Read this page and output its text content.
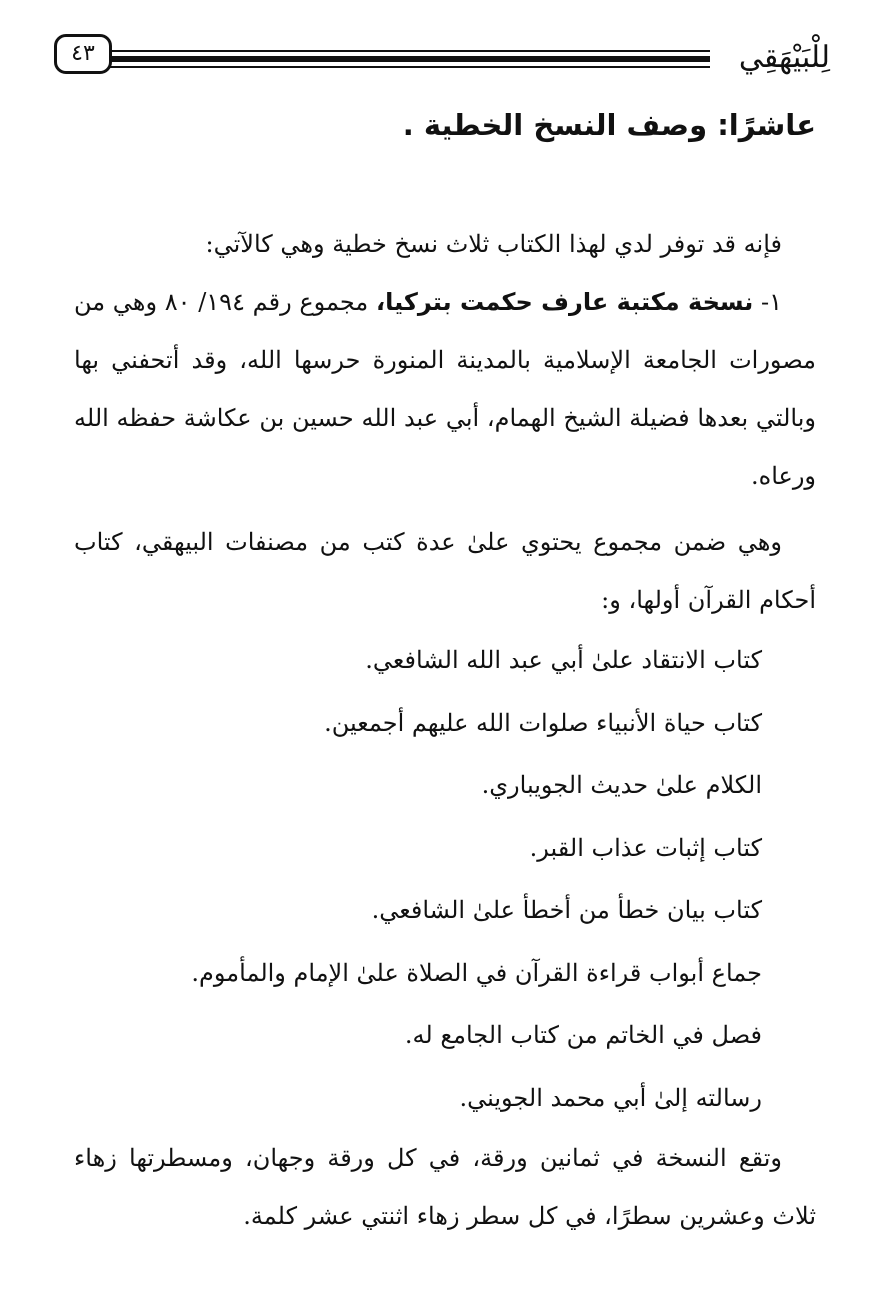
لِلْبَيْهَقِي
٤٣
عاشرًا: وصف النسخ الخطية .

فإنه قد توفر لدي لهذا الكتاب ثلاث نسخ خطية وهي كالآتي:

١- نسخة مكتبة عارف حكمت بتركيا، مجموع رقم ١٩٤/ ٨٠ وهي من مصورات الجامعة الإسلامية بالمدينة المنورة حرسها الله، وقد أتحفني بها وبالتي بعدها فضيلة الشيخ الهمام، أبي عبد الله حسين بن عكاشة حفظه الله ورعاه.

وهي ضمن مجموع يحتوي علىٰ عدة كتب من مصنفات البيهقي، كتاب أحكام القرآن أولها، و:

كتاب الانتقاد علىٰ أبي عبد الله الشافعي.
كتاب حياة الأنبياء صلوات الله عليهم أجمعين.
الكلام علىٰ حديث الجويباري.
كتاب إثبات عذاب القبر.
كتاب بيان خطأ من أخطأ علىٰ الشافعي.
جماع أبواب قراءة القرآن في الصلاة علىٰ الإمام والمأموم.
فصل في الخاتم من كتاب الجامع له.
رسالته إلىٰ أبي محمد الجويني.

وتقع النسخة في ثمانين ورقة، في كل ورقة وجهان، ومسطرتها زهاء ثلاث وعشرين سطرًا، في كل سطر زهاء اثنتي عشر كلمة.
